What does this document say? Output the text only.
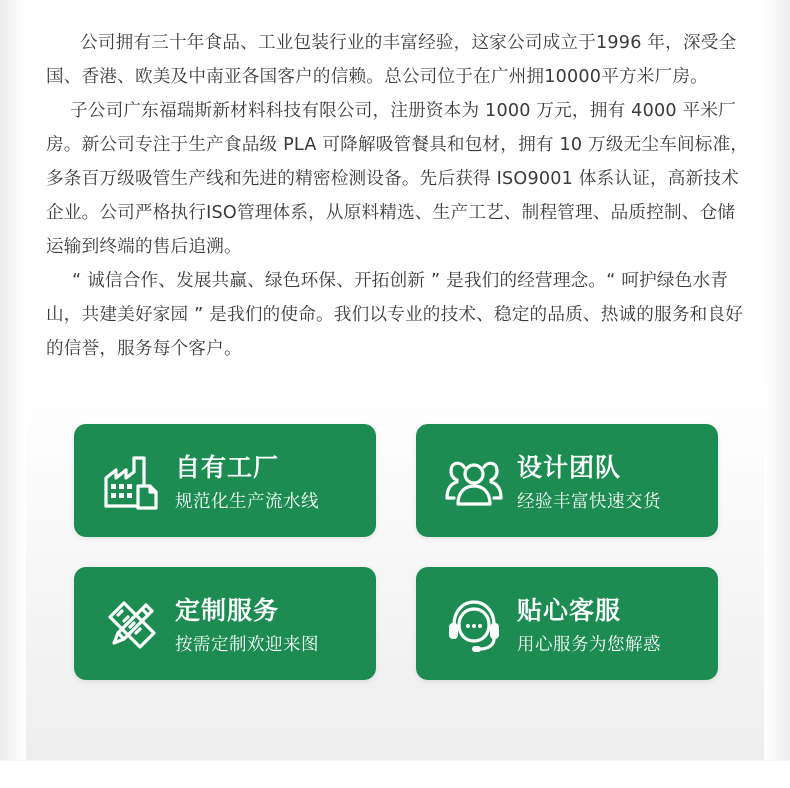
公司拥有三十年食品、工业包装行业的丰富经验，这家公司成立于1996 年，深受全国、香港、欧美及中南亚各国客户的信赖。总公司位于在广州拥10000平方米厂房。

子公司广东福瑞斯新材料科技有限公司，注册资本为 1000 万元，拥有 4000 平米厂房。新公司专注于生产食品级 PLA 可降解吸管餐具和包材，拥有 10 万级无尘车间标准，多条百万级吸管生产线和先进的精密检测设备。先后获得 ISO9001 体系认证，高新技术企业。公司严格执行ISO管理体系，从原料精选、生产工艺、制程管理、品质控制、仓储运输到终端的售后追溯。

“ 诚信合作、发展共赢、绿色环保、开拓创新 ” 是我们的经营理念。“ 呵护绿色水青山，共建美好家园 ” 是我们的使命。我们以专业的技术、稳定的品质、热诚的服务和良好的信誉，服务每个客户。

自有工厂
规范化生产流水线
设计团队
经验丰富快速交货
定制服务
按需定制欢迎来图
贴心客服
用心服务为您解惑
